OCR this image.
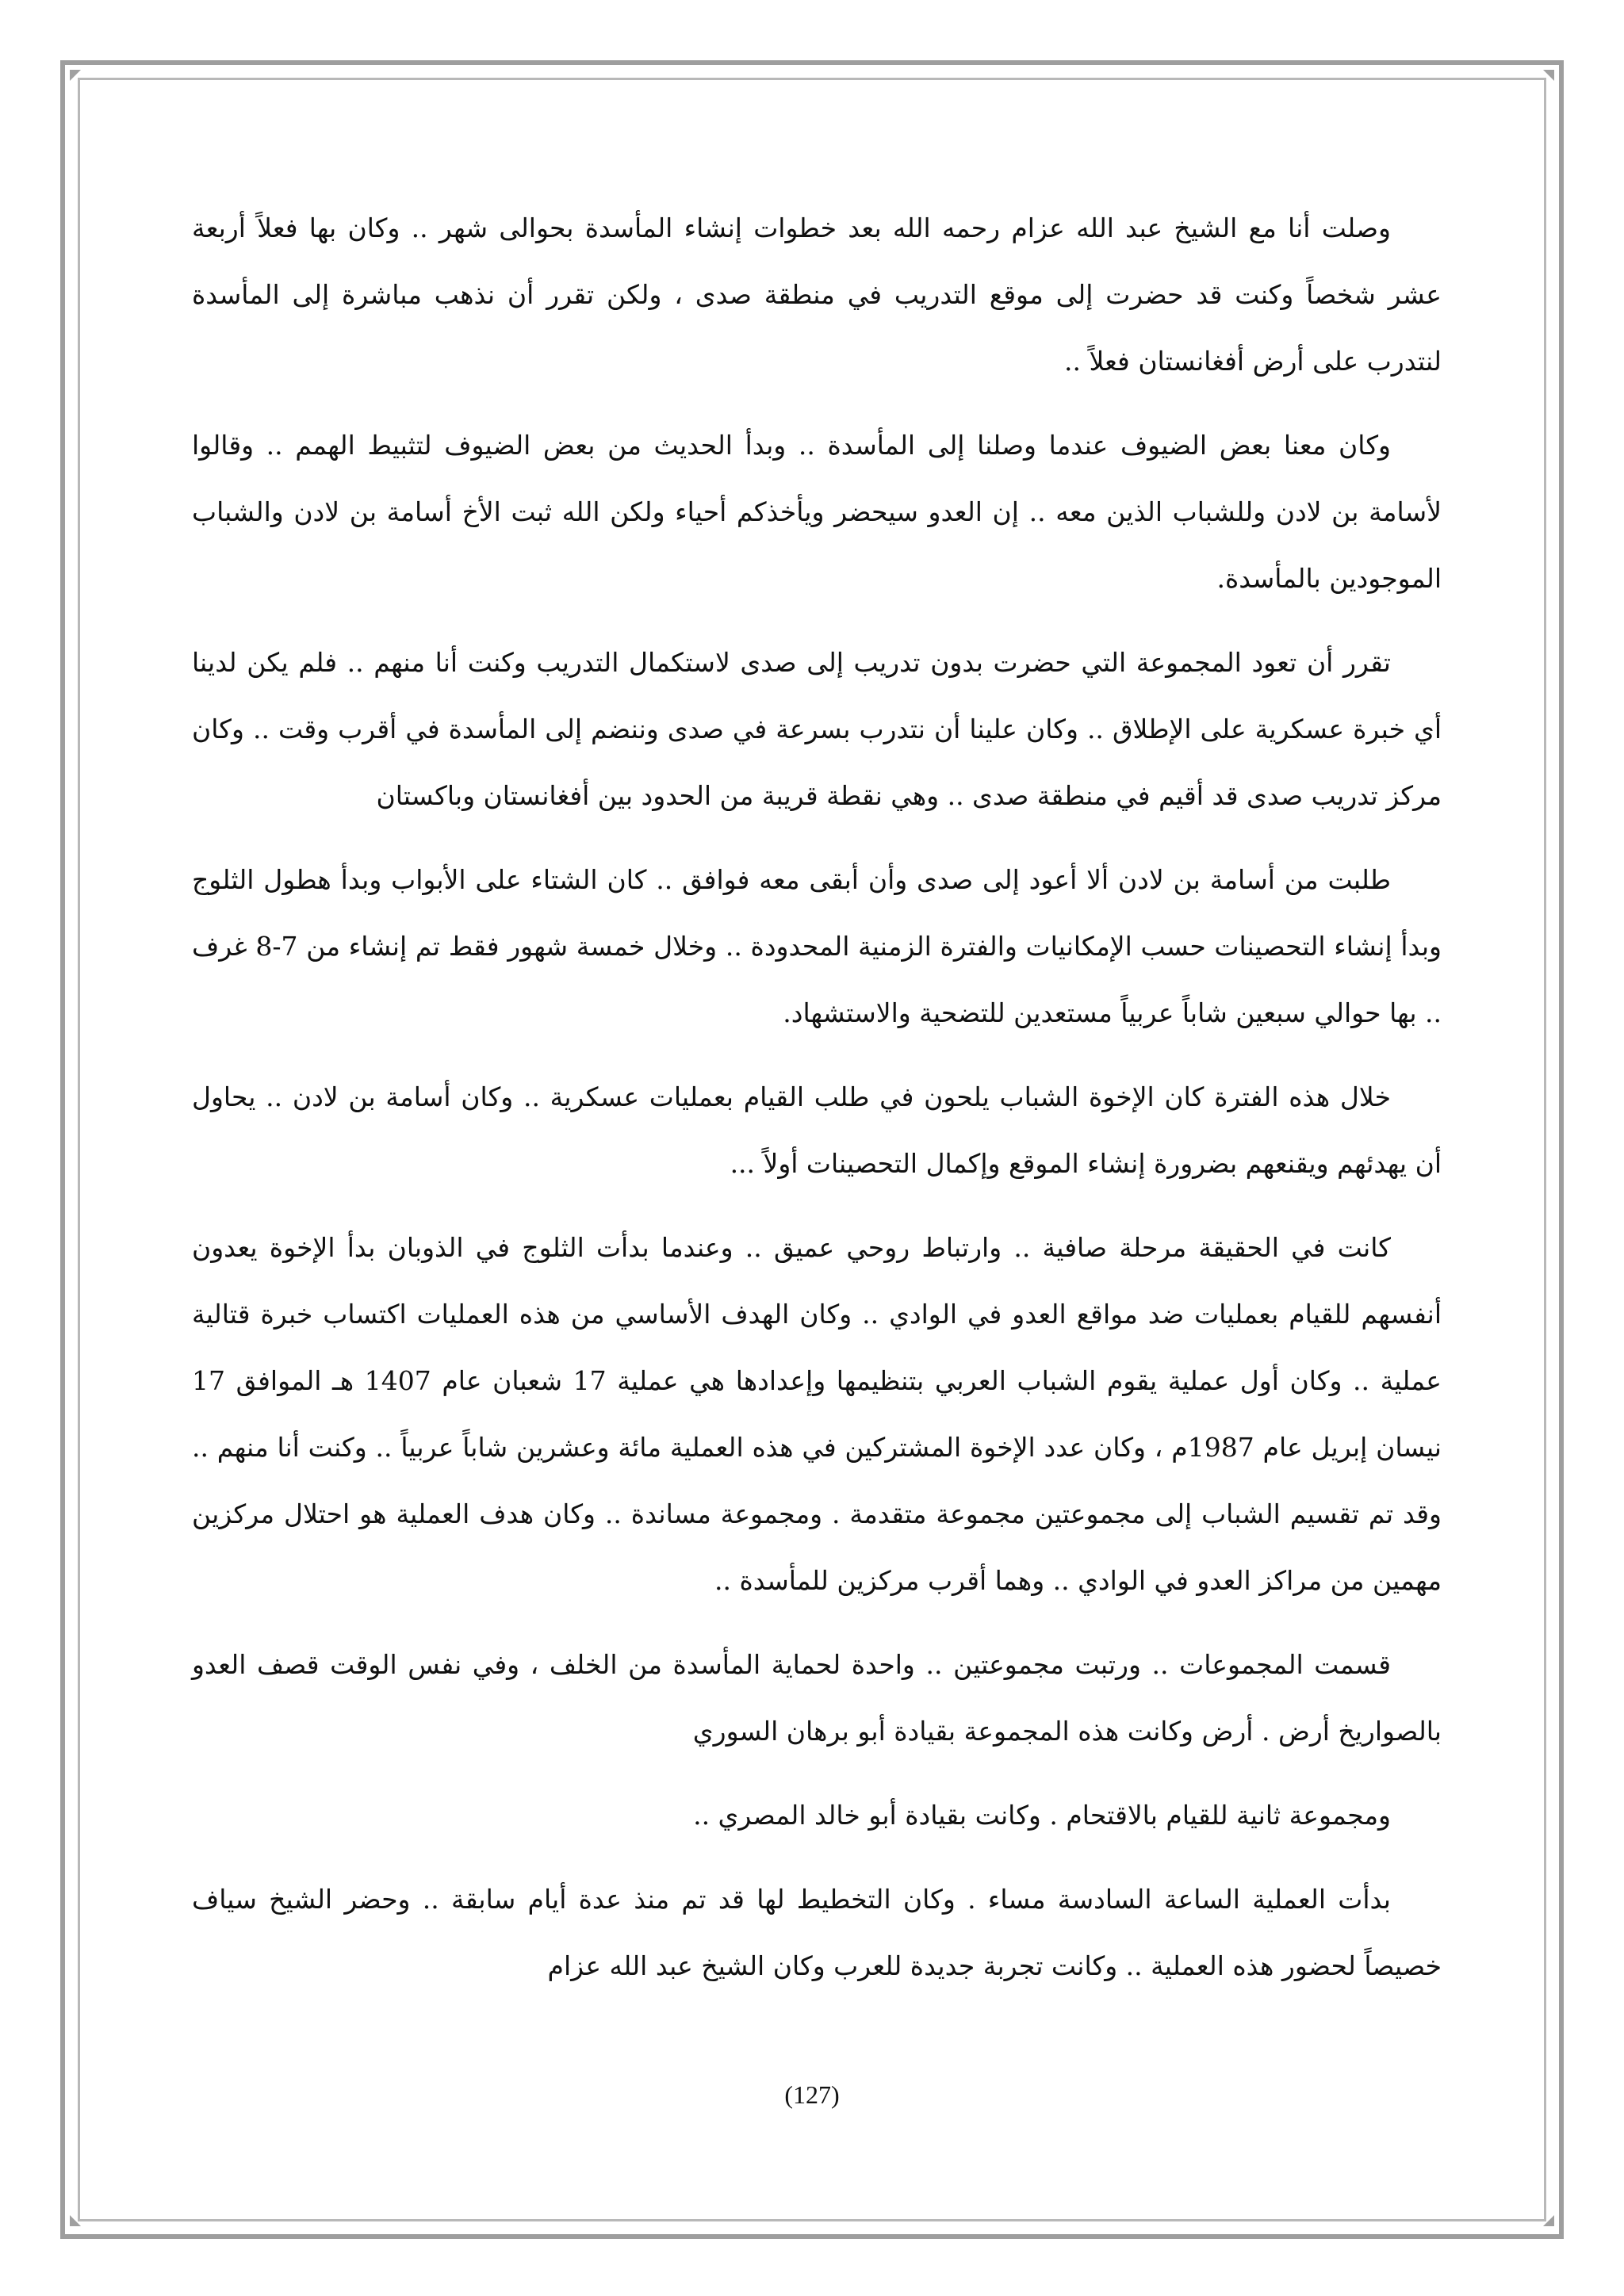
وصلت أنا مع الشيخ عبد الله عزام رحمه الله بعد خطوات إنشاء المأسدة بحوالى شهر .. وكان بها فعلاً أربعة عشر شخصاً وكنت قد حضرت إلى موقع التدريب في منطقة صدى ، ولكن تقرر أن نذهب مباشرة إلى المأسدة لنتدرب على أرض أفغانستان فعلاً ..

وكان معنا بعض الضيوف عندما وصلنا إلى المأسدة .. وبدأ الحديث من بعض الضيوف لتثبيط الهمم .. وقالوا لأسامة بن لادن وللشباب الذين معه .. إن العدو سيحضر ويأخذكم أحياء ولكن الله ثبت الأخ أسامة بن لادن والشباب الموجودين بالمأسدة.

تقرر أن تعود المجموعة التي حضرت بدون تدريب إلى صدى لاستكمال التدريب وكنت أنا منهم .. فلم يكن لدينا أي خبرة عسكرية على الإطلاق .. وكان علينا أن نتدرب بسرعة في صدى وننضم إلى المأسدة في أقرب وقت .. وكان مركز تدريب صدى قد أقيم في منطقة صدى .. وهي نقطة قريبة من الحدود بين أفغانستان وباكستان

طلبت من أسامة بن لادن ألا أعود إلى صدى وأن أبقى معه فوافق .. كان الشتاء على الأبواب وبدأ هطول الثلوج وبدأ إنشاء التحصينات حسب الإمكانيات والفترة الزمنية المحدودة .. وخلال خمسة شهور فقط تم إنشاء من 7-8 غرف .. بها حوالي سبعين شاباً عربياً مستعدين للتضحية والاستشهاد.

خلال هذه الفترة كان الإخوة الشباب يلحون في طلب القيام بعمليات عسكرية .. وكان أسامة بن لادن .. يحاول أن يهدئهم ويقنعهم بضرورة إنشاء الموقع وإكمال التحصينات أولاً ...

كانت في الحقيقة مرحلة صافية .. وارتباط روحي عميق .. وعندما بدأت الثلوج في الذوبان بدأ الإخوة يعدون أنفسهم للقيام بعمليات ضد مواقع العدو في الوادي .. وكان الهدف الأساسي من هذه العمليات اكتساب خبرة قتالية عملية .. وكان أول عملية يقوم الشباب العربي بتنظيمها وإعدادها هي عملية 17 شعبان عام 1407 هـ الموافق 17 نيسان إبريل عام 1987م ، وكان عدد الإخوة المشتركين في هذه العملية مائة وعشرين شاباً عربياً .. وكنت أنا منهم .. وقد تم تقسيم الشباب إلى مجموعتين مجموعة متقدمة . ومجموعة مساندة .. وكان هدف العملية هو احتلال مركزين مهمين من مراكز العدو في الوادي .. وهما أقرب مركزين للمأسدة ..

قسمت المجموعات .. ورتبت مجموعتين .. واحدة لحماية المأسدة من الخلف ، وفي نفس الوقت قصف العدو بالصواريخ أرض . أرض وكانت هذه المجموعة بقيادة أبو برهان السوري

ومجموعة ثانية للقيام بالاقتحام . وكانت بقيادة أبو خالد المصري ..

بدأت العملية الساعة السادسة مساء . وكان التخطيط لها قد تم منذ عدة أيام سابقة .. وحضر الشيخ سياف خصيصاً لحضور هذه العملية .. وكانت تجربة جديدة للعرب وكان الشيخ عبد الله عزام

(127)
